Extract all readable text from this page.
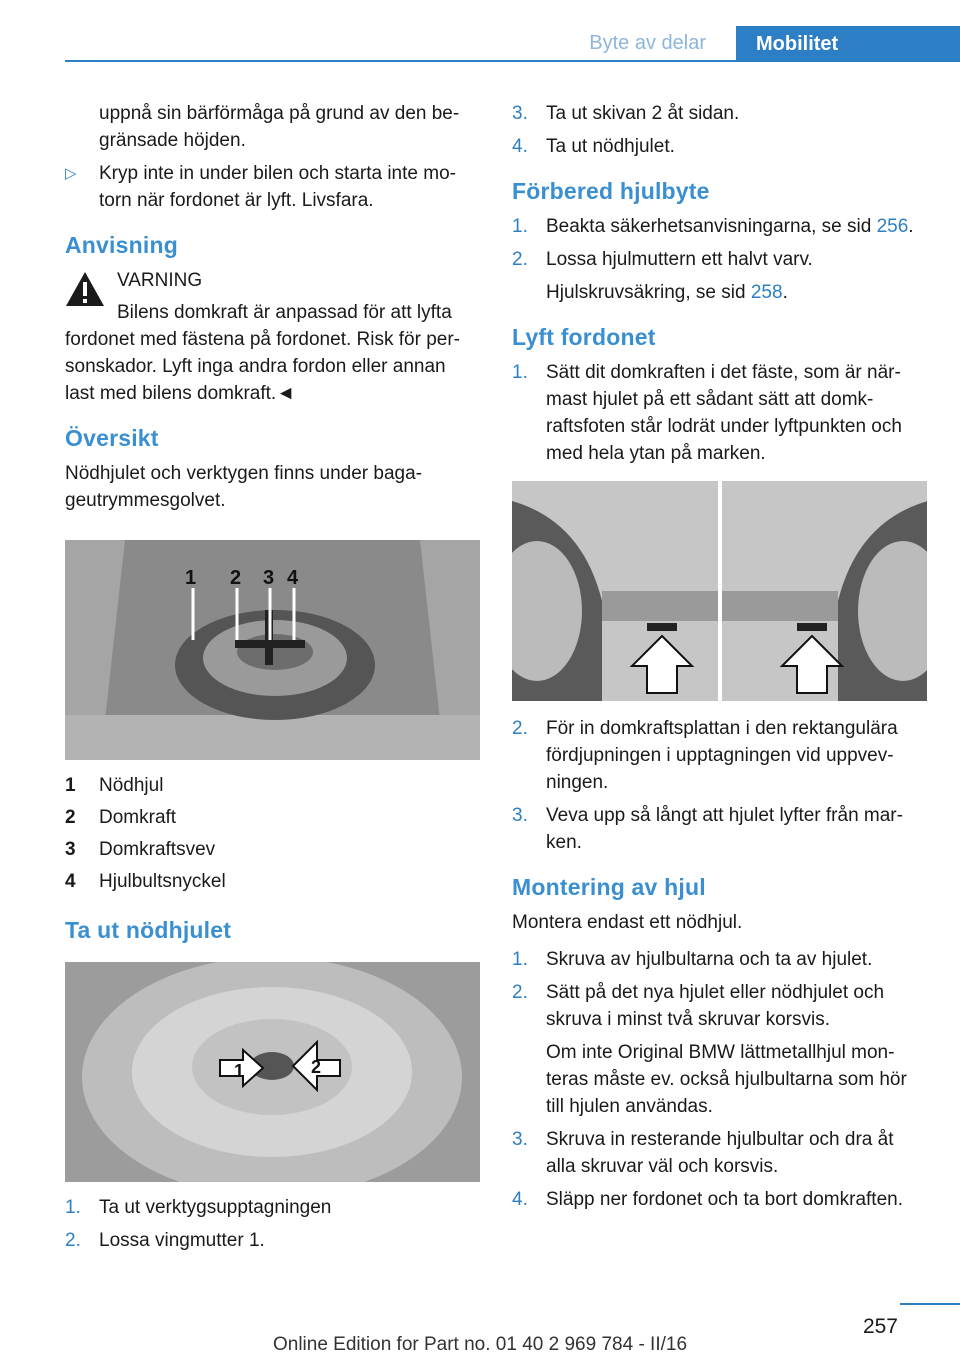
Byte av delar	Mobilitet

uppnå sin bärförmåga på grund av den be-gränsade höjden.

▷ Kryp inte in under bilen och starta inte mo-torn när fordonet är lyft. Livsfara.
Anvisning

VARNING

Bilens domkraft är anpassad för att lyfta

fordonet med fästena på fordonet. Risk för per-sonskador. Lyft inga andra fordon eller annan last med bilens domkraft.◄

Översikt

Nödhjulet och verktygen finns under baga-geutrymmesgolvet.

1 2 3 4
1 Nödhjul
2 Domkraft
3 Domkraftsvev
4 Hjulbultsnyckel
Ta ut nödhjulet
1	2
1. Ta ut verktygsupptagningen
2. Lossa vingmutter 1.
3. Ta ut skivan 2 åt sidan.
4. Ta ut nödhjulet.
Förbered hjulbyte
1. Beakta säkerhetsanvisningarna, se sid 256.
2. Lossa hjulmuttern ett halvt varv.

Hjulskruvsäkring, se sid 258.

Lyft fordonet
1. Sätt dit domkraften i det fäste, som är när-mast hjulet på ett sådant sätt att domk-raftsfoten står lodrät under lyftpunkten och med hela ytan på marken.
2. För in domkraftsplattan i den rektangulära fördjupningen i upptagningen vid uppvev-ningen.
3. Veva upp så långt att hjulet lyfter från mar-ken.
Montering av hjul

Montera endast ett nödhjul.

1. Skruva av hjulbultarna och ta av hjulet.
2. Sätt på det nya hjulet eller nödhjulet och skruva i minst två skruvar korsvis.

Om inte Original BMW lättmetallhjul mon-teras måste ev. också hjulbultarna som hör till hjulen användas.

3. Skruva in resterande hjulbultar och dra åt alla skruvar väl och korsvis.
4. Släpp ner fordonet och ta bort domkraften.
257
Online Edition for Part no. 01 40 2 969 784 - II/16
